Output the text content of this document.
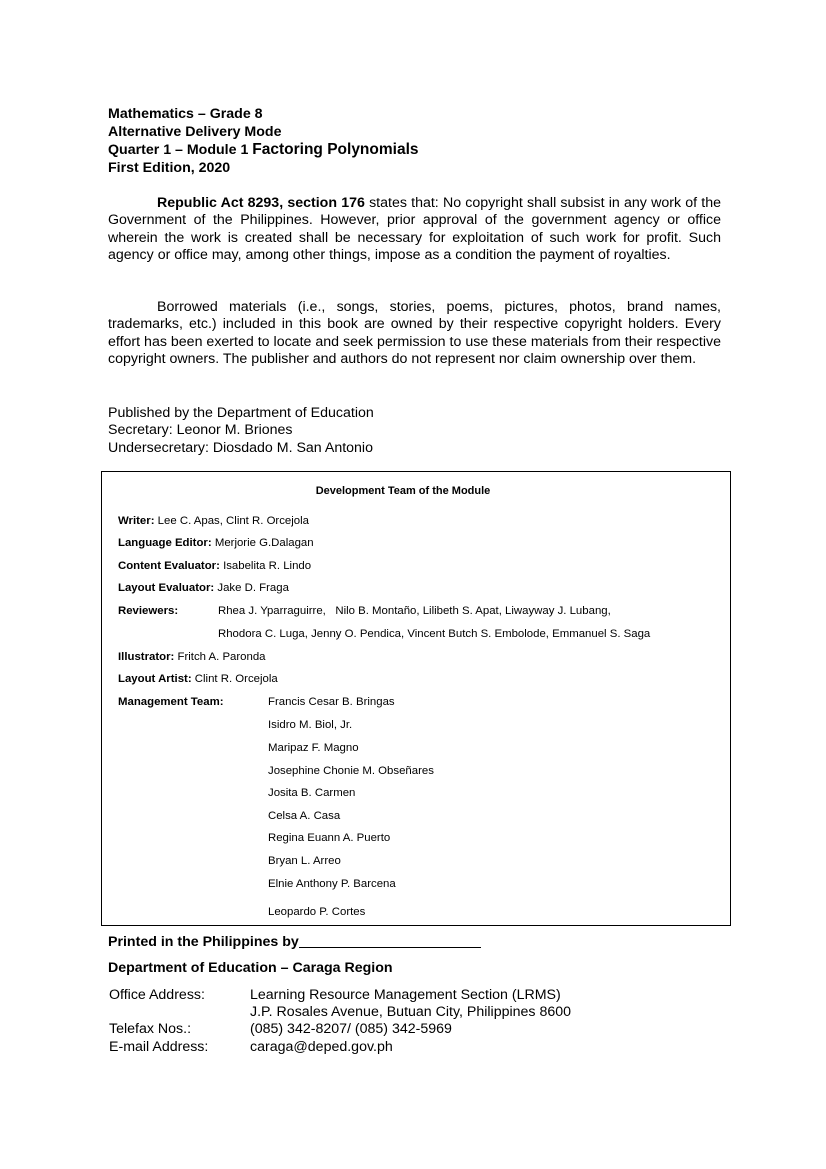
Mathematics – Grade 8
Alternative Delivery Mode
Quarter 1 – Module 1 Factoring Polynomials
First Edition, 2020
Republic Act 8293, section 176 states that: No copyright shall subsist in any work of the Government of the Philippines. However, prior approval of the government agency or office wherein the work is created shall be necessary for exploitation of such work for profit. Such agency or office may, among other things, impose as a condition the payment of royalties.
Borrowed materials (i.e., songs, stories, poems, pictures, photos, brand names, trademarks, etc.) included in this book are owned by their respective copyright holders. Every effort has been exerted to locate and seek permission to use these materials from their respective copyright owners. The publisher and authors do not represent nor claim ownership over them.
Published by the Department of Education
Secretary: Leonor M. Briones
Undersecretary: Diosdado M. San Antonio
Development Team of the Module
Writer: Lee C. Apas, Clint R. Orcejola
Language Editor: Merjorie G.Dalagan
Content Evaluator: Isabelita R. Lindo
Layout Evaluator: Jake D. Fraga
Reviewers:	Rhea J. Yparraguirre, Nilo B. Montaño, Lilibeth S. Apat, Liwayway J. Lubang,
Rhodora C. Luga, Jenny O. Pendica, Vincent Butch S. Embolode, Emmanuel S. Saga
Illustrator: Fritch A. Paronda
Layout Artist: Clint R. Orcejola
Management Team:	Francis Cesar B. Bringas
Isidro M. Biol, Jr.
Maripaz F. Magno
Josephine Chonie M. Obseñares
Josita B. Carmen
Celsa A. Casa
Regina Euann A. Puerto
Bryan L. Arreo
Elnie Anthony P. Barcena
Leopardo P. Cortes
Printed in the Philippines by
Department of Education – Caraga Region
Office Address:	Learning Resource Management Section (LRMS)
J.P. Rosales Avenue, Butuan City, Philippines 8600
Telefax Nos.:	(085) 342-8207/ (085) 342-5969
E-mail Address:	caraga@deped.gov.ph
